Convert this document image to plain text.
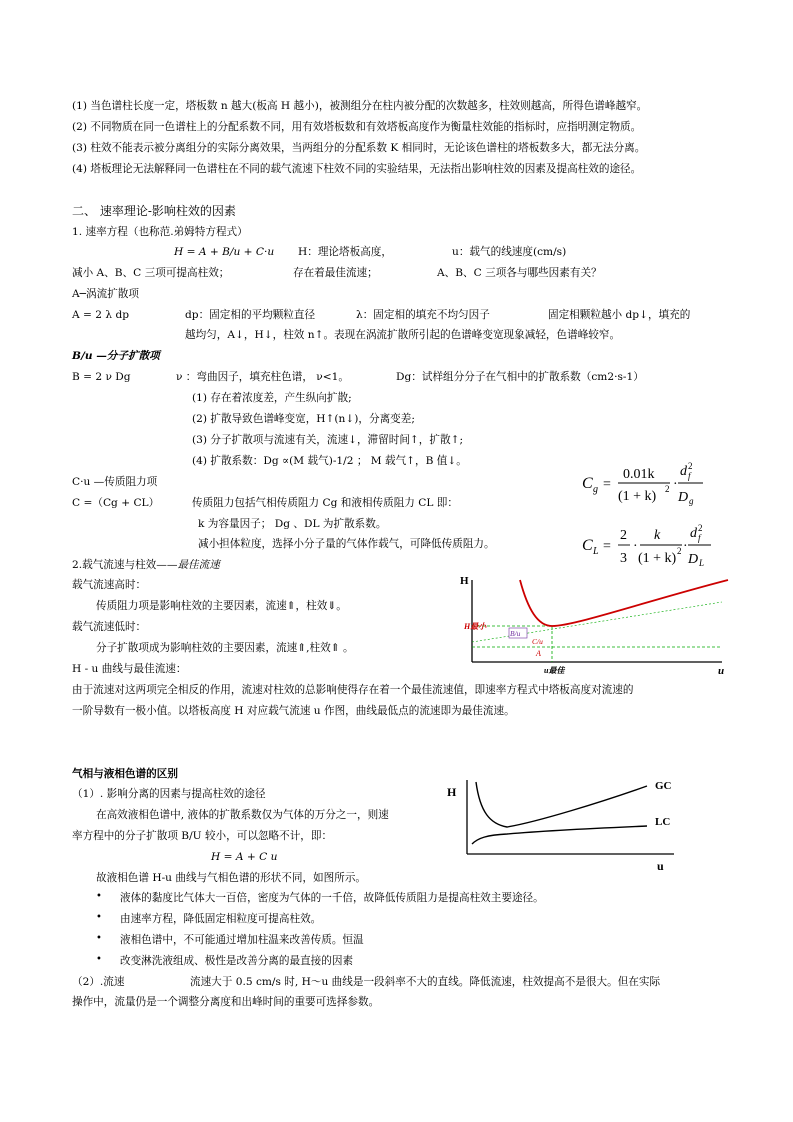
(1) 当色谱柱长度一定，塔板数 n 越大(板高 H 越小)，被测组分在柱内被分配的次数越多，柱效则越高，所得色谱峰越窄。
(2) 不同物质在同一色谱柱上的分配系数不同，用有效塔板数和有效塔板高度作为衡量柱效能的指标时，应指明测定物质。
(3) 柱效不能表示被分离组分的实际分离效果，当两组分的分配系数 K 相同时，无论该色谱柱的塔板数多大，都无法分离。
(4) 塔板理论无法解释同一色谱柱在不同的载气流速下柱效不同的实验结果，无法指出影响柱效的因素及提高柱效的途径。
二、 速率理论-影响柱效的因素
1. 速率方程（也称范.弟姆特方程式）
H = A + B/u + C·u H：理论塔板高度，	u：载气的线速度(cm/s)
减小 A、B、C 三项可提高柱效；	存在着最佳流速；	A、B、C 三项各与哪些因素有关？
A─涡流扩散项
A = 2 λ dp	dp：固定相的平均颗粒直径	λ：固定相的填充不均匀因子	固定相颗粒越小 dp↓，填充的
越均匀，A↓，H↓，柱效 n↑。表现在涡流扩散所引起的色谱峰变宽现象减轻，色谱峰较窄。
B/u —分子扩散项
B = 2 ν Dg	ν ：弯曲因子，填充柱色谱， ν<1。	Dg：试样组分分子在气相中的扩散系数（cm2·s-1）
(1) 存在着浓度差，产生纵向扩散;
(2) 扩散导致色谱峰变宽，H↑(n↓)，分离变差;
(3) 分子扩散项与流速有关，流速↓，滞留时间↑，扩散↑;
(4) 扩散系数：Dg ∝(M 载气)-1/2 ； M 载气↑，B 值↓。
C·u —传质阻力项
C =（Cg + CL）	传质阻力包括气相传质阻力 Cg 和液相传质阻力 CL 即：
k 为容量因子； Dg 、DL 为扩散系数。
减小担体粒度，选择小分子量的气体作载气，可降低传质阻力。
C g =
0.01k
(1 + k) 2 ·
d f
2
D g
C L =
2
3
·
k
(1 + k) 2 ·
d f
2
D L
2.载气流速与柱效——最佳流速
载气流速高时：
传质阻力项是影响柱效的主要因素，流速⇑，柱效⇓。
载气流速低时：
分子扩散项成为影响柱效的主要因素，流速⇑,柱效⇑ 。
H - u 曲线与最佳流速：
由于流速对这两项完全相反的作用，流速对柱效的总影响使得存在着一个最佳流速值，即速率方程式中塔板高度对流速的
一阶导数有一极小值。以塔板高度 H 对应载气流速 u 作图，曲线最低点的流速即为最佳流速。
H
u
H最小
B/u
C/u
A
u最佳
气相与液相色谱的区别
（1）. 影响分离的因素与提高柱效的途径
在高效液相色谱中, 液体的扩散系数仅为气体的万分之一，则速
率方程中的分子扩散项 B/U 较小，可以忽略不计，即：
H = A + C u
故液相色谱 H-u 曲线与气相色谱的形状不同，如图所示。
• 液体的黏度比气体大一百倍，密度为气体的一千倍，故降低传质阻力是提高柱效主要途径。
• 由速率方程，降低固定相粒度可提高柱效。
• 液相色谱中，不可能通过增加柱温来改善传质。恒温
• 改变淋洗液组成、极性是改善分离的最直接的因素
（2）.流速	流速大于 0.5 cm/s 时, H～u 曲线是一段斜率不大的直线。降低流速，柱效提高不是很大。但在实际
操作中，流量仍是一个调整分离度和出峰时间的重要可选择参数。
H
u
GC
LC
